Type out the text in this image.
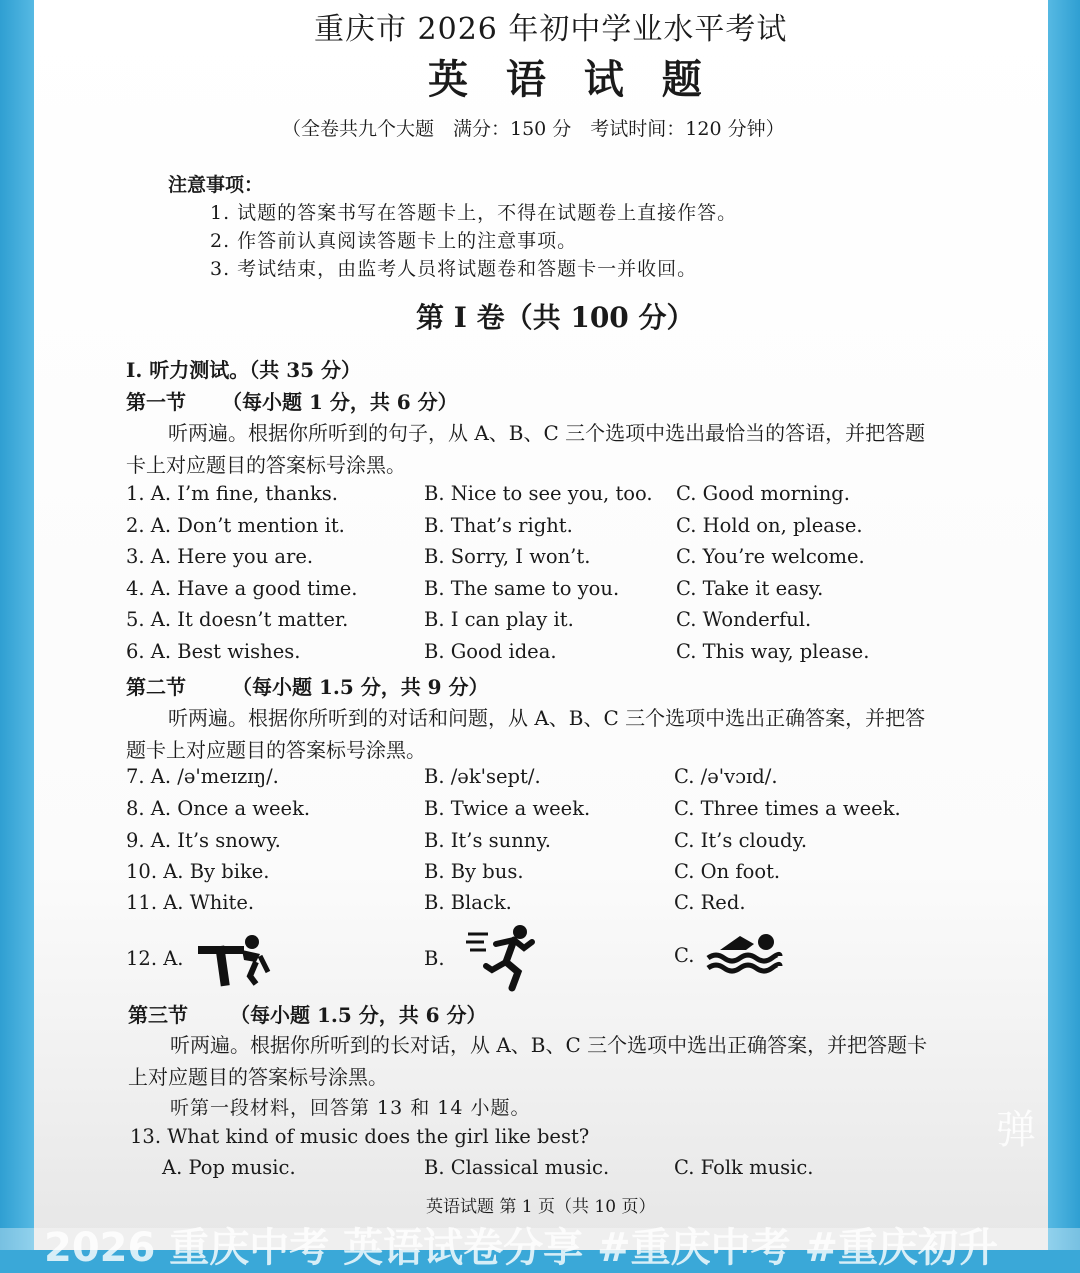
重庆市 2026 年初中学业水平考试
英 语 试 题
（全卷共九个大题　满分：150 分　考试时间：120 分钟）
注意事项：
1. 试题的答案书写在答题卡上，不得在试题卷上直接作答。
2. 作答前认真阅读答题卡上的注意事项。
3. 考试结束，由监考人员将试题卷和答题卡一并收回。
第 I 卷（共 100 分）
I. 听力测试。（共 35 分）
第一节 （每小题 1 分，共 6 分）
听两遍。根据你所听到的句子，从 A、B、C 三个选项中选出最恰当的答语，并把答题
卡上对应题目的答案标号涂黑。
1. A. I’m fine, thanks.	B. Nice to see you, too. C. Good morning.
2. A. Don’t mention it.	B. That’s right.	C. Hold on, please.
3. A. Here you are.	B. Sorry, I won’t.	C. You’re welcome.
4. A. Have a good time.	B. The same to you.	C. Take it easy.
5. A. It doesn’t matter.	B. I can play it.	C. Wonderful.
6. A. Best wishes.	B. Good idea.	C. This way, please.
第二节 （每小题 1.5 分，共 9 分）
听两遍。根据你所听到的对话和问题，从 A、B、C 三个选项中选出正确答案，并把答
题卡上对应题目的答案标号涂黑。
7. A. /ə'meɪzɪŋ/.	B. /ək'sept/.	C. /ə'vɔɪd/.
8. A. Once a week.	B. Twice a week.	C. Three times a week.
9. A. It’s snowy.	B. It’s sunny.	C. It’s cloudy.
10. A. By bike.	B. By bus.	C. On foot.
11. A. White.	B. Black.	C. Red.
12. A.	B.	C.
第三节 （每小题 1.5 分，共 6 分）
听两遍。根据你所听到的长对话，从 A、B、C 三个选项中选出正确答案，并把答题卡
上对应题目的答案标号涂黑。
听第一段材料，回答第 13 和 14 小题。
13. What kind of music does the girl like best?
A. Pop music.	B. Classical music.	C. Folk music.
英语试题 第 1 页（共 10 页）
弹
2026 重庆中考 英语试卷分享 #重庆中考 #重庆初升
